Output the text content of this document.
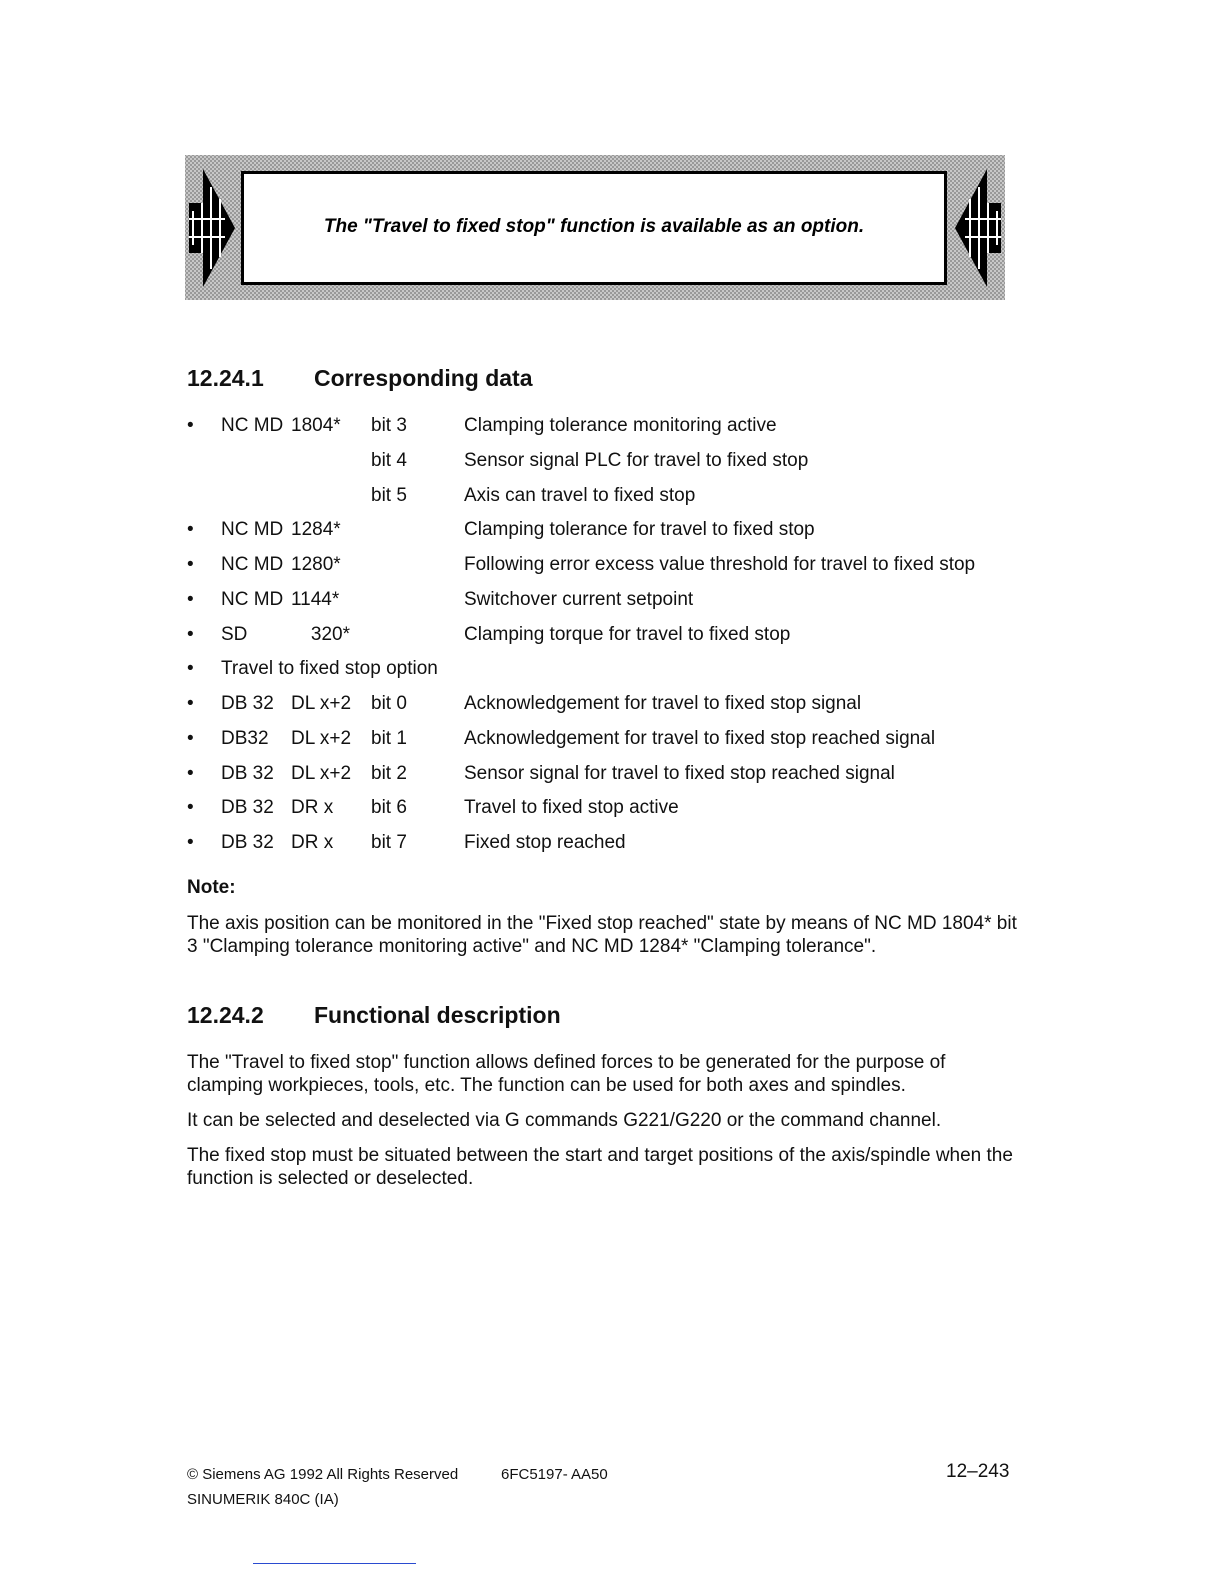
The "Travel to fixed stop" function is available as an option.
12.24.1 Corresponding data
• NC MD 1804* bit 3	Clamping tolerance monitoring active
bit 4	Sensor signal PLC for travel to fixed stop
bit 5	Axis can travel to fixed stop
• NC MD 1284*	Clamping tolerance for travel to fixed stop
• NC MD 1280*	Following error excess value threshold for travel to fixed stop
• NC MD 1144*	Switchover current setpoint
• SD	320*	Clamping torque for travel to fixed stop
• Travel to fixed stop option
• DB 32 DL x+2 bit 0	Acknowledgement for travel to fixed stop signal
• DB32 DL x+2 bit 1	Acknowledgement for travel to fixed stop reached signal
• DB 32 DL x+2 bit 2	Sensor signal for travel to fixed stop reached signal
• DB 32 DR x bit 6	Travel to fixed stop active
• DB 32 DR x bit 7	Fixed stop reached
Note:

The axis position can be monitored in the "Fixed stop reached" state by means of NC MD 1804* bit 3 "Clamping tolerance monitoring active" and NC MD 1284* "Clamping tolerance".

12.24.2 Functional description

The "Travel to fixed stop" function allows defined forces to be generated for the purpose of clamping workpieces, tools, etc. The function can be used for both axes and spindles.

It can be selected and deselected via G commands G221/G220 or the command channel.

The fixed stop must be situated between the start and target positions of the axis/spindle when the function is selected or deselected.

© Siemens AG 1992 All Rights Reserved	6FC5197- AA50	12–243
SINUMERIK 840C (IA)
